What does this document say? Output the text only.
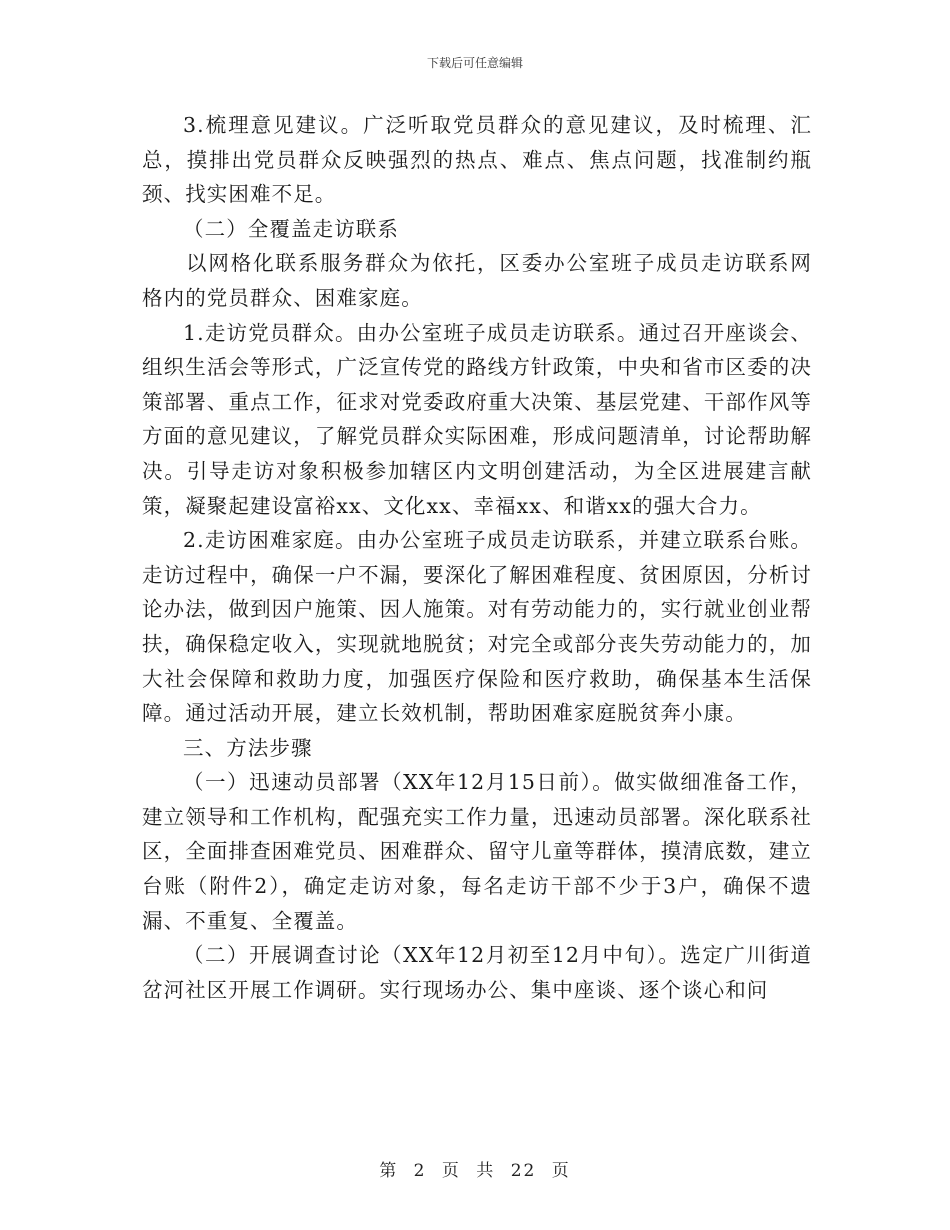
下载后可任意编辑

3.梳理意见建议。广泛听取党员群众的意见建议，及时梳理、汇总，摸排出党员群众反映强烈的热点、难点、焦点问题，找准制约瓶颈、找实困难不足。

（二）全覆盖走访联系

以网格化联系服务群众为依托，区委办公室班子成员走访联系网格内的党员群众、困难家庭。

1.走访党员群众。由办公室班子成员走访联系。通过召开座谈会、组织生活会等形式，广泛宣传党的路线方针政策，中央和省市区委的决策部署、重点工作，征求对党委政府重大决策、基层党建、干部作风等方面的意见建议，了解党员群众实际困难，形成问题清单，讨论帮助解决。引导走访对象积极参加辖区内文明创建活动，为全区进展建言献策，凝聚起建设富裕xx、文化xx、幸福xx、和谐xx的强大合力。

2.走访困难家庭。由办公室班子成员走访联系，并建立联系台账。走访过程中，确保一户不漏，要深化了解困难程度、贫困原因，分析讨论办法，做到因户施策、因人施策。对有劳动能力的，实行就业创业帮扶，确保稳定收入，实现就地脱贫；对完全或部分丧失劳动能力的，加大社会保障和救助力度，加强医疗保险和医疗救助，确保基本生活保障。通过活动开展，建立长效机制，帮助困难家庭脱贫奔小康。

三、方法步骤

（一）迅速动员部署（XX年12月15日前）。做实做细准备工作，建立领导和工作机构，配强充实工作力量，迅速动员部署。深化联系社区，全面排查困难党员、困难群众、留守儿童等群体，摸清底数，建立台账（附件2），确定走访对象，每名走访干部不少于3户，确保不遗漏、不重复、全覆盖。

（二）开展调查讨论（XX年12月初至12月中旬）。选定广川街道岔河社区开展工作调研。实行现场办公、集中座谈、逐个谈心和问

第 2 页 共 22 页
